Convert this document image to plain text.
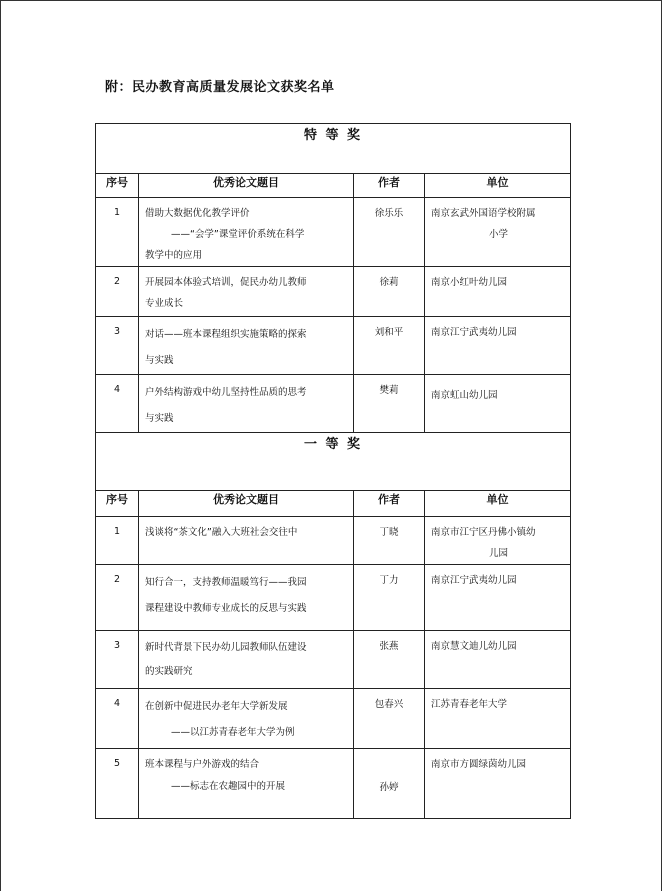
附：民办教育高质量发展论文获奖名单
特 等 奖			
序号	优秀论文题目	作者	单位
1	借助大数据优化教学评价
——“会学”课堂评价系统在科学
教学中的应用	徐乐乐	南京玄武外国语学校附属
小学

2	开展园本体验式培训，促民办幼儿教师
专业成长	徐莉	南京小红叶幼儿园
3	对话——班本课程组织实施策略的探索
与实践	刘和平	南京江宁武夷幼儿园
4	户外结构游戏中幼儿坚持性品质的思考
与实践	樊莉	南京虹山幼儿园
一 等 奖			
序号	优秀论文题目	作者	单位
1	浅谈将“茶文化”融入大班社会交往中	丁晓	南京市江宁区丹佛小镇幼
儿园

2	知行合一，支持教师温暖笃行——我园
课程建设中教师专业成长的反思与实践	丁力	南京江宁武夷幼儿园
3	新时代背景下民办幼儿园教师队伍建设
的实践研究	张燕	南京慧文迪儿幼儿园
4	在创新中促进民办老年大学新发展
——以江苏青春老年大学为例	包春兴	江苏青春老年大学
5	班本课程与户外游戏的结合
——标志在农趣园中的开展	孙婷	南京市方圆绿茵幼儿园
